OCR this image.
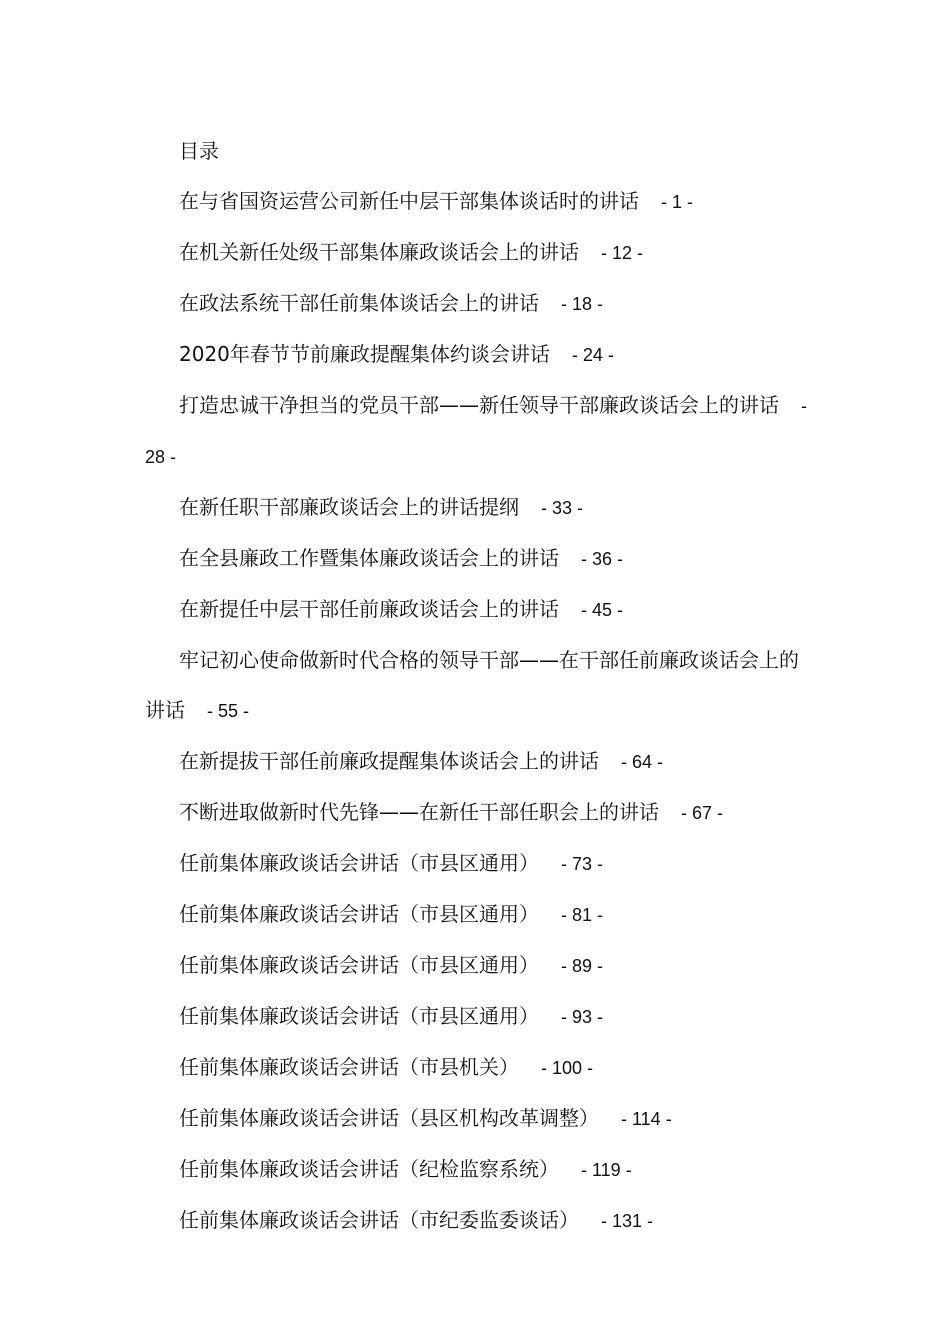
目录
在与省国资运营公司新任中层干部集体谈话时的讲话 - 1 -
在机关新任处级干部集体廉政谈话会上的讲话 - 12 -
在政法系统干部任前集体谈话会上的讲话 - 18 -
2020年春节节前廉政提醒集体约谈会讲话 - 24 -
打造忠诚干净担当的党员干部——新任领导干部廉政谈话会上的讲话 - 28 -
在新任职干部廉政谈话会上的讲话提纲 - 33 -
在全县廉政工作暨集体廉政谈话会上的讲话 - 36 -
在新提任中层干部任前廉政谈话会上的讲话 - 45 -
牢记初心使命做新时代合格的领导干部——在干部任前廉政谈话会上的讲话 - 55 -
在新提拔干部任前廉政提醒集体谈话会上的讲话 - 64 -
不断进取做新时代先锋——在新任干部任职会上的讲话 - 67 -
任前集体廉政谈话会讲话（市县区通用） - 73 -
任前集体廉政谈话会讲话（市县区通用） - 81 -
任前集体廉政谈话会讲话（市县区通用） - 89 -
任前集体廉政谈话会讲话（市县区通用） - 93 -
任前集体廉政谈话会讲话（市县机关） - 100 -
任前集体廉政谈话会讲话（县区机构改革调整） - 114 -
任前集体廉政谈话会讲话（纪检监察系统） - 119 -
任前集体廉政谈话会讲话（市纪委监委谈话） - 131 -
